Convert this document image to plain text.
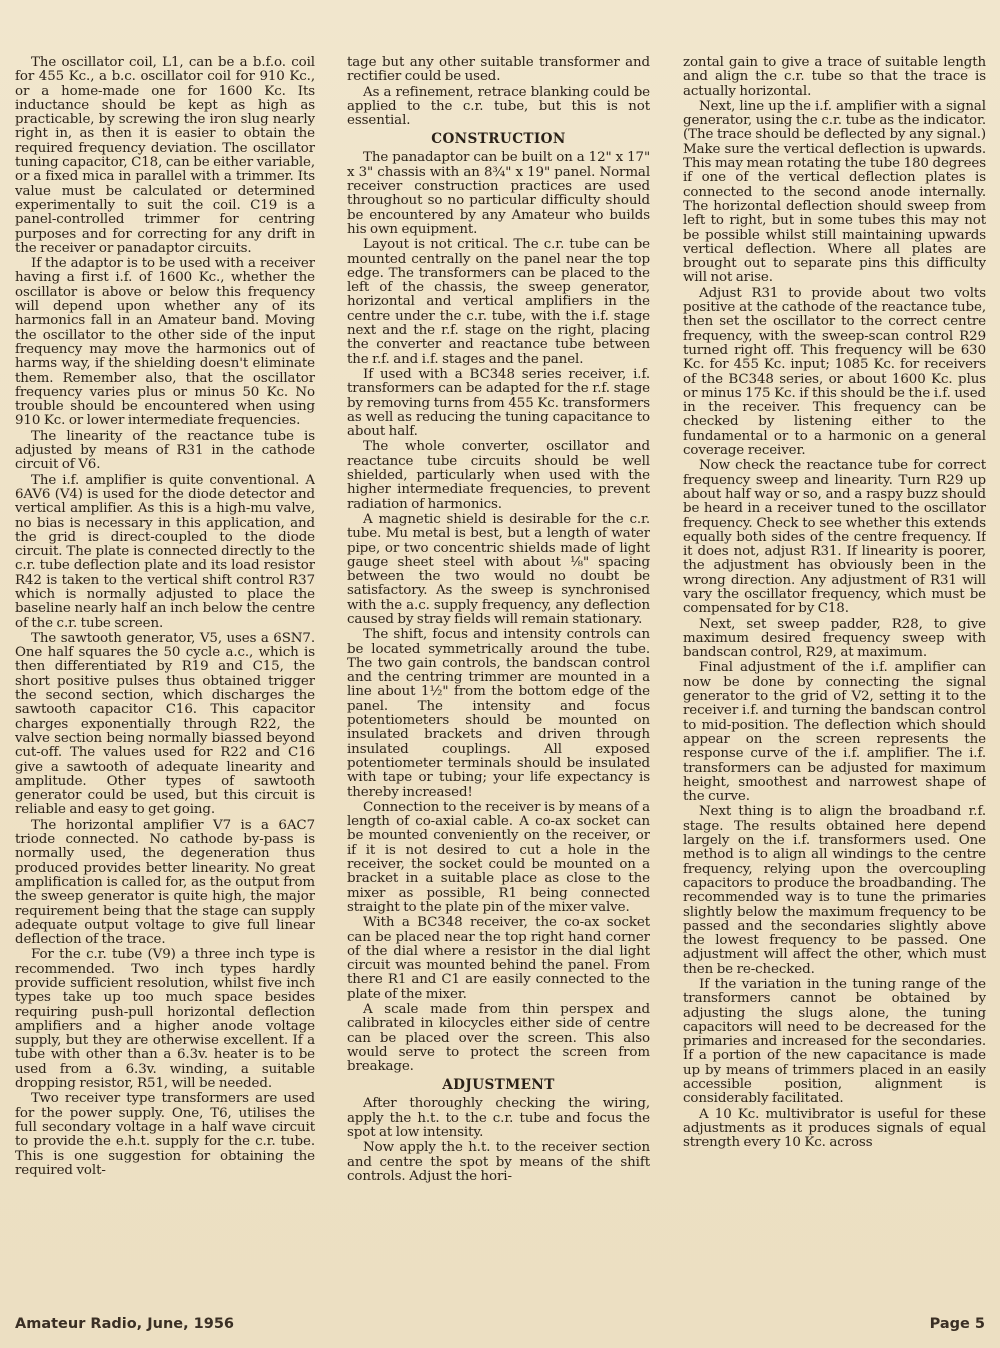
The oscillator coil, L1, can be a b.f.o. coil for 455 Kc., a b.c. oscillator coil for 910 Kc., or a home-made one for 1600 Kc. Its inductance should be kept as high as practicable, by screwing the iron slug nearly right in, as then it is easier to obtain the required frequency deviation. The oscillator tuning capacitor, C18, can be either variable, or a fixed mica in parallel with a trimmer. Its value must be calculated or determined experimentally to suit the coil. C19 is a panel-controlled trimmer for centring purposes and for correcting for any drift in the receiver or panadaptor circuits.

If the adaptor is to be used with a receiver having a first i.f. of 1600 Kc., whether the oscillator is above or below this frequency will depend upon whether any of its harmonics fall in an Amateur band. Moving the oscillator to the other side of the input frequency may move the harmonics out of harms way, if the shielding doesn't eliminate them. Remember also, that the oscillator frequency varies plus or minus 50 Kc. No trouble should be encountered when using 910 Kc. or lower intermediate frequencies.

The linearity of the reactance tube is adjusted by means of R31 in the cathode circuit of V6.

The i.f. amplifier is quite conventional. A 6AV6 (V4) is used for the diode detector and vertical amplifier. As this is a high-mu valve, no bias is necessary in this application, and the grid is direct-coupled to the diode circuit. The plate is connected directly to the c.r. tube deflection plate and its load resistor R42 is taken to the vertical shift control R37 which is normally adjusted to place the baseline nearly half an inch below the centre of the c.r. tube screen.

The sawtooth generator, V5, uses a 6SN7. One half squares the 50 cycle a.c., which is then differentiated by R19 and C15, the short positive pulses thus obtained trigger the second section, which discharges the sawtooth capacitor C16. This capacitor charges exponentially through R22, the valve section being normally biassed beyond cut-off. The values used for R22 and C16 give a sawtooth of adequate linearity and amplitude. Other types of sawtooth generator could be used, but this circuit is reliable and easy to get going.

The horizontal amplifier V7 is a 6AC7 triode connected. No cathode by-pass is normally used, the degeneration thus produced provides better linearity. No great amplification is called for, as the output from the sweep generator is quite high, the major requirement being that the stage can supply adequate output voltage to give full linear deflection of the trace.

For the c.r. tube (V9) a three inch type is recommended. Two inch types hardly provide sufficient resolution, whilst five inch types take up too much space besides requiring push-pull horizontal deflection amplifiers and a higher anode voltage supply, but they are otherwise excellent. If a tube with other than a 6.3v. heater is to be used from a 6.3v. winding, a suitable dropping resistor, R51, will be needed.

Two receiver type transformers are used for the power supply. One, T6, utilises the full secondary voltage in a half wave circuit to provide the e.h.t. supply for the c.r. tube. This is one suggestion for obtaining the required volt-

tage but any other suitable transformer and rectifier could be used.

As a refinement, retrace blanking could be applied to the c.r. tube, but this is not essential.

CONSTRUCTION

The panadaptor can be built on a 12" x 17" x 3" chassis with an 8¾" x 19" panel. Normal receiver construction practices are used throughout so no particular difficulty should be encountered by any Amateur who builds his own equipment.

Layout is not critical. The c.r. tube can be mounted centrally on the panel near the top edge. The transformers can be placed to the left of the chassis, the sweep generator, horizontal and vertical amplifiers in the centre under the c.r. tube, with the i.f. stage next and the r.f. stage on the right, placing the converter and reactance tube between the r.f. and i.f. stages and the panel.

If used with a BC348 series receiver, i.f. transformers can be adapted for the r.f. stage by removing turns from 455 Kc. transformers as well as reducing the tuning capacitance to about half.

The whole converter, oscillator and reactance tube circuits should be well shielded, particularly when used with the higher intermediate frequencies, to prevent radiation of harmonics.

A magnetic shield is desirable for the c.r. tube. Mu metal is best, but a length of water pipe, or two concentric shields made of light gauge sheet steel with about ⅛" spacing between the two would no doubt be satisfactory. As the sweep is synchronised with the a.c. supply frequency, any deflection caused by stray fields will remain stationary.

The shift, focus and intensity controls can be located symmetrically around the tube. The two gain controls, the bandscan control and the centring trimmer are mounted in a line about 1½" from the bottom edge of the panel. The intensity and focus potentiometers should be mounted on insulated brackets and driven through insulated couplings. All exposed potentiometer terminals should be insulated with tape or tubing; your life expectancy is thereby increased!

Connection to the receiver is by means of a length of co-axial cable. A co-ax socket can be mounted conveniently on the receiver, or if it is not desired to cut a hole in the receiver, the socket could be mounted on a bracket in a suitable place as close to the mixer as possible, R1 being connected straight to the plate pin of the mixer valve.

With a BC348 receiver, the co-ax socket can be placed near the top right hand corner of the dial where a resistor in the dial light circuit was mounted behind the panel. From there R1 and C1 are easily connected to the plate of the mixer.

A scale made from thin perspex and calibrated in kilocycles either side of centre can be placed over the screen. This also would serve to protect the screen from breakage.

ADJUSTMENT

After thoroughly checking the wiring, apply the h.t. to the c.r. tube and focus the spot at low intensity.

Now apply the h.t. to the receiver section and centre the spot by means of the shift controls. Adjust the hori-

zontal gain to give a trace of suitable length and align the c.r. tube so that the trace is actually horizontal.

Next, line up the i.f. amplifier with a signal generator, using the c.r. tube as the indicator. (The trace should be deflected by any signal.) Make sure the vertical deflection is upwards. This may mean rotating the tube 180 degrees if one of the vertical deflection plates is connected to the second anode internally. The horizontal deflection should sweep from left to right, but in some tubes this may not be possible whilst still maintaining upwards vertical deflection. Where all plates are brought out to separate pins this difficulty will not arise.

Adjust R31 to provide about two volts positive at the cathode of the reactance tube, then set the oscillator to the correct centre frequency, with the sweep-scan control R29 turned right off. This frequency will be 630 Kc. for 455 Kc. input; 1085 Kc. for receivers of the BC348 series, or about 1600 Kc. plus or minus 175 Kc. if this should be the i.f. used in the receiver. This frequency can be checked by listening either to the fundamental or to a harmonic on a general coverage receiver.

Now check the reactance tube for correct frequency sweep and linearity. Turn R29 up about half way or so, and a raspy buzz should be heard in a receiver tuned to the oscillator frequency. Check to see whether this extends equally both sides of the centre frequency. If it does not, adjust R31. If linearity is poorer, the adjustment has obviously been in the wrong direction. Any adjustment of R31 will vary the oscillator frequency, which must be compensated for by C18.

Next, set sweep padder, R28, to give maximum desired frequency sweep with bandscan control, R29, at maximum.

Final adjustment of the i.f. amplifier can now be done by connecting the signal generator to the grid of V2, setting it to the receiver i.f. and turning the bandscan control to mid-position. The deflection which should appear on the screen represents the response curve of the i.f. amplifier. The i.f. transformers can be adjusted for maximum height, smoothest and narrowest shape of the curve.

Next thing is to align the broadband r.f. stage. The results obtained here depend largely on the i.f. transformers used. One method is to align all windings to the centre frequency, relying upon the overcoupling capacitors to produce the broadbanding. The recommended way is to tune the primaries slightly below the maximum frequency to be passed and the secondaries slightly above the lowest frequency to be passed. One adjustment will affect the other, which must then be re-checked.

If the variation in the tuning range of the transformers cannot be obtained by adjusting the slugs alone, the tuning capacitors will need to be decreased for the primaries and increased for the secondaries. If a portion of the new capacitance is made up by means of trimmers placed in an easily accessible position, alignment is considerably facilitated.

A 10 Kc. multivibrator is useful for these adjustments as it produces signals of equal strength every 10 Kc. across

Amateur Radio, June, 1956	Page 5
